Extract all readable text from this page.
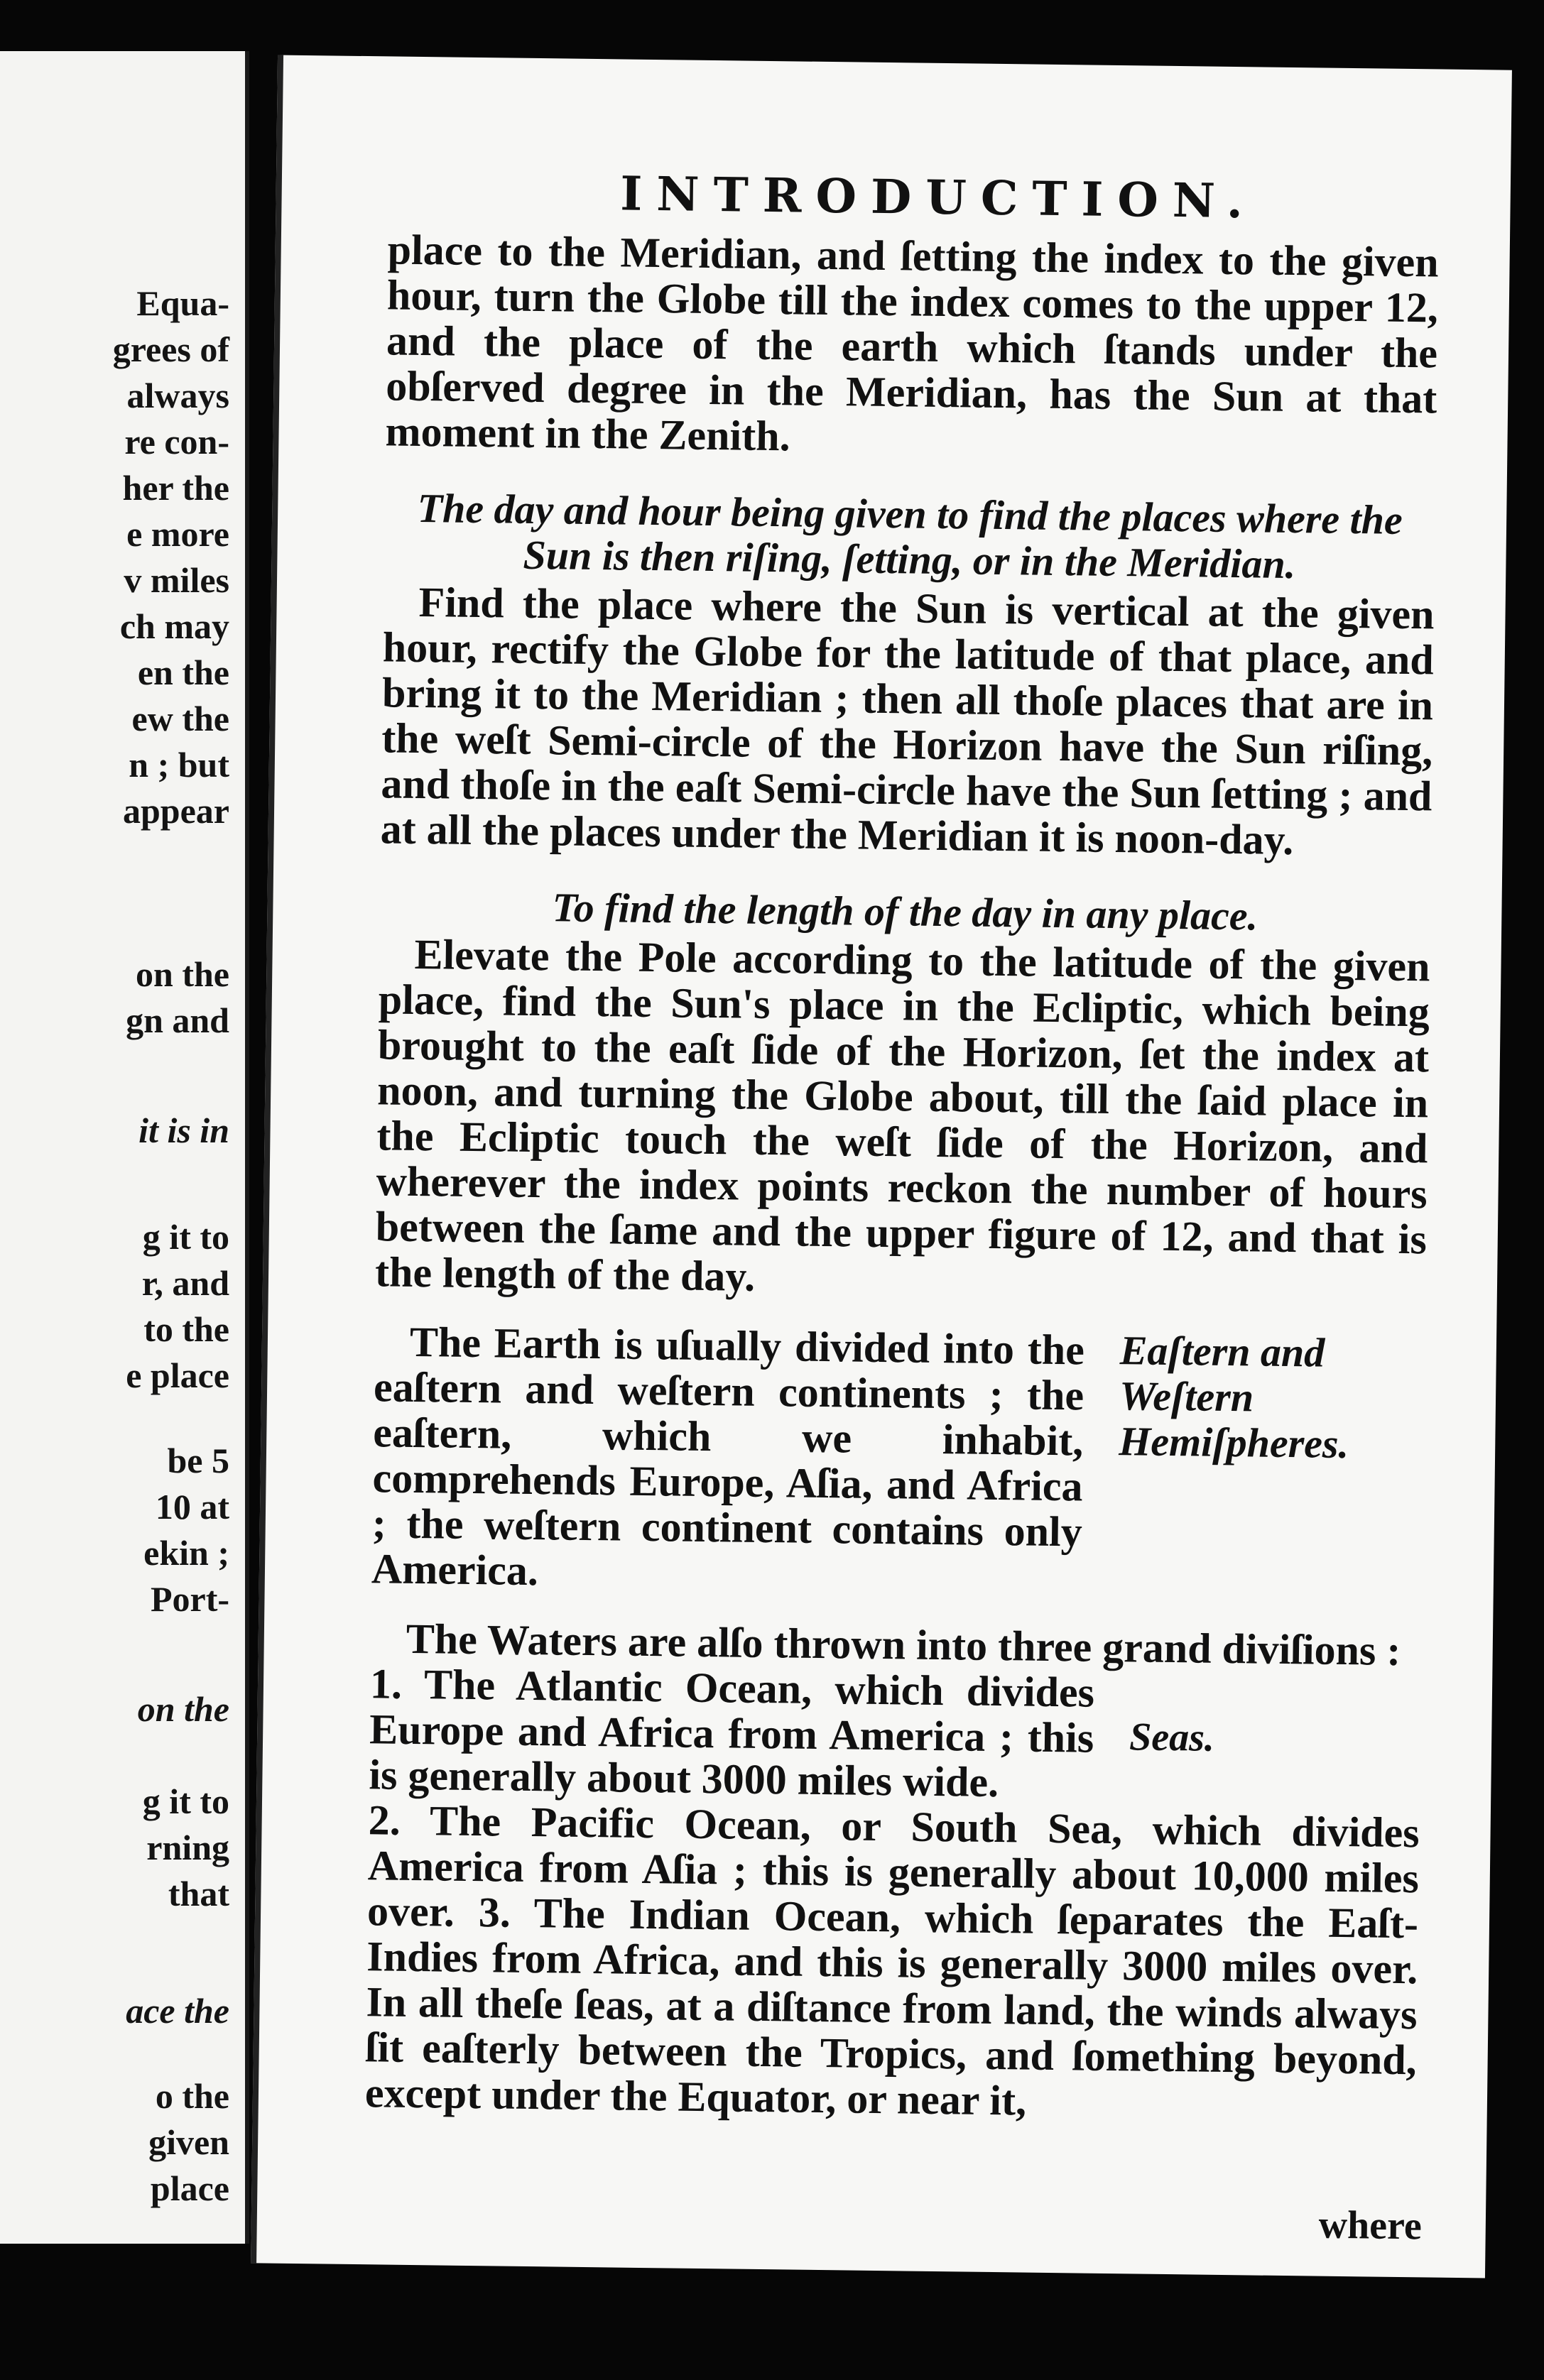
Equa-
grees of
always
re con-
her the
e more
v miles
ch may
en the
ew the
n ; but
appear
on the
gn and
it is in
g it to
r, and
to the
e place
be 5
10 at
ekin ;
Port-
on the
g it to
rning
that
ace the
o the
given
place
INTRODUCTION.

place to the Meridian, and ſetting the index to the given hour, turn the Globe till the index comes to the upper 12, and the place of the earth which ſtands under the obſerved degree in the Meridian, has the Sun at that moment in the Zenith.

The day and hour being given to find the places where the Sun is then riſing, ſetting, or in the Meridian.

Find the place where the Sun is vertical at the given hour, rectify the Globe for the latitude of that place, and bring it to the Meridian ; then all thoſe places that are in the weſt Semi-circle of the Horizon have the Sun riſing, and thoſe in the eaſt Semi-circle have the Sun ſetting ; and at all the places under the Meridian it is noon-day.

To find the length of the day in any place.

Elevate the Pole according to the latitude of the given place, find the Sun's place in the Ecliptic, which being brought to the eaſt ſide of the Horizon, ſet the index at noon, and turning the Globe about, till the ſaid place in the Ecliptic touch the weſt ſide of the Horizon, and wherever the index points reckon the number of hours between the ſame and the upper figure of 12, and that is the length of the day.

The Earth is uſually divided into the eaſtern and weſtern continents ; the eaſtern, which we inhabit, comprehends Europe, Aſia, and Africa ; the weſtern continent contains only America.

Eaſtern and Weſtern Hemiſpheres.

The Waters are alſo thrown into three grand diviſions :

1. The Atlantic Ocean, which divides Europe and Africa from America ; this is generally about 3000 miles wide.

Seas.

2. The Pacific Ocean, or South Sea, which divides America from Aſia ; this is generally about 10,000 miles over. 3. The Indian Ocean, which ſeparates the Eaſt-Indies from Africa, and this is generally 3000 miles over. In all theſe ſeas, at a diſtance from land, the winds always ſit eaſterly between the Tropics, and ſomething beyond, except under the Equator, or near it,

where
